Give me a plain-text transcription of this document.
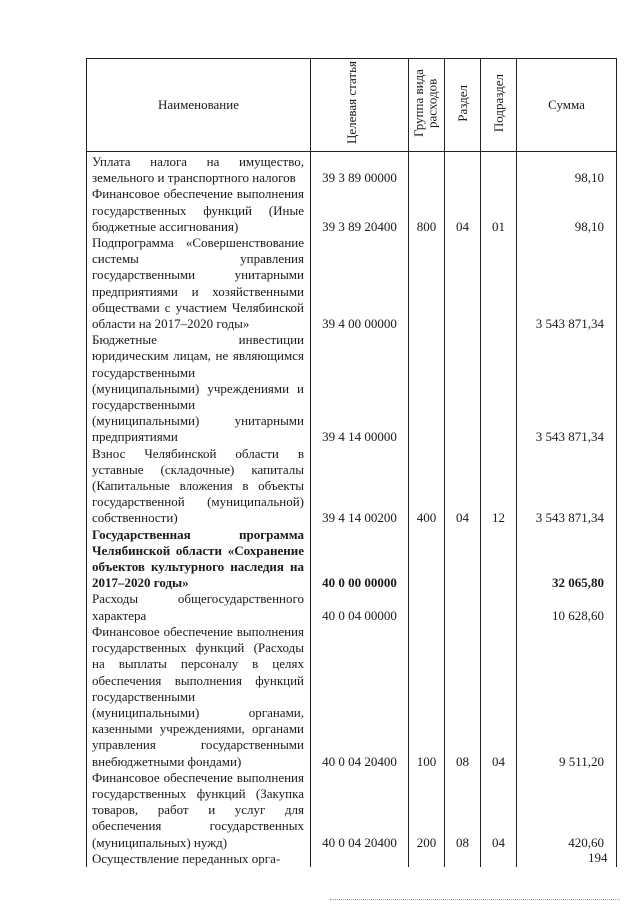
Наименование	Целевая статья	Группа вида расходов	Раздел	Подраздел	Сумма
Уплата налога на имущество, земельного и транспортного налогов	39 3 89 00000				98,10
Финансовое обеспечение выполнения государственных функций (Иные бюджетные ассигнования)	39 3 89 20400	800	04	01	98,10
Подпрограмма «Совершенствование системы управления государственными унитарными предприятиями и хозяйственными обществами с участием Челябинской области на 2017–2020 годы»	39 4 00 00000				3 543 871,34
Бюджетные инвестиции юридическим лицам, не являющимся государственными (муниципальными) учреждениями и государственными (муниципальными) унитарными предприятиями	39 4 14 00000				3 543 871,34
Взнос Челябинской области в уставные (складочные) капиталы (Капитальные вложения в объекты государственной (муниципальной) собственности)	39 4 14 00200	400	04	12	3 543 871,34
Государственная программа Челябинской области «Сохранение объектов культурного наследия на 2017–2020 годы»	40 0 00 00000				32 065,80
Расходы общегосударственного характера	40 0 04 00000				10 628,60
Финансовое обеспечение выполнения государственных функций (Расходы на выплаты персоналу в целях обеспечения выполнения функций государственными (муниципальными) органами, казенными учреждениями, органами управления государственными внебюджетными фондами)	40 0 04 20400	100	08	04	9 511,20
Финансовое обеспечение выполнения государственных функций (Закупка товаров, работ и услуг для обеспечения государственных (муниципальных) нужд)	40 0 04 20400	200	08	04	420,60
Осуществление переданных орга-						194
